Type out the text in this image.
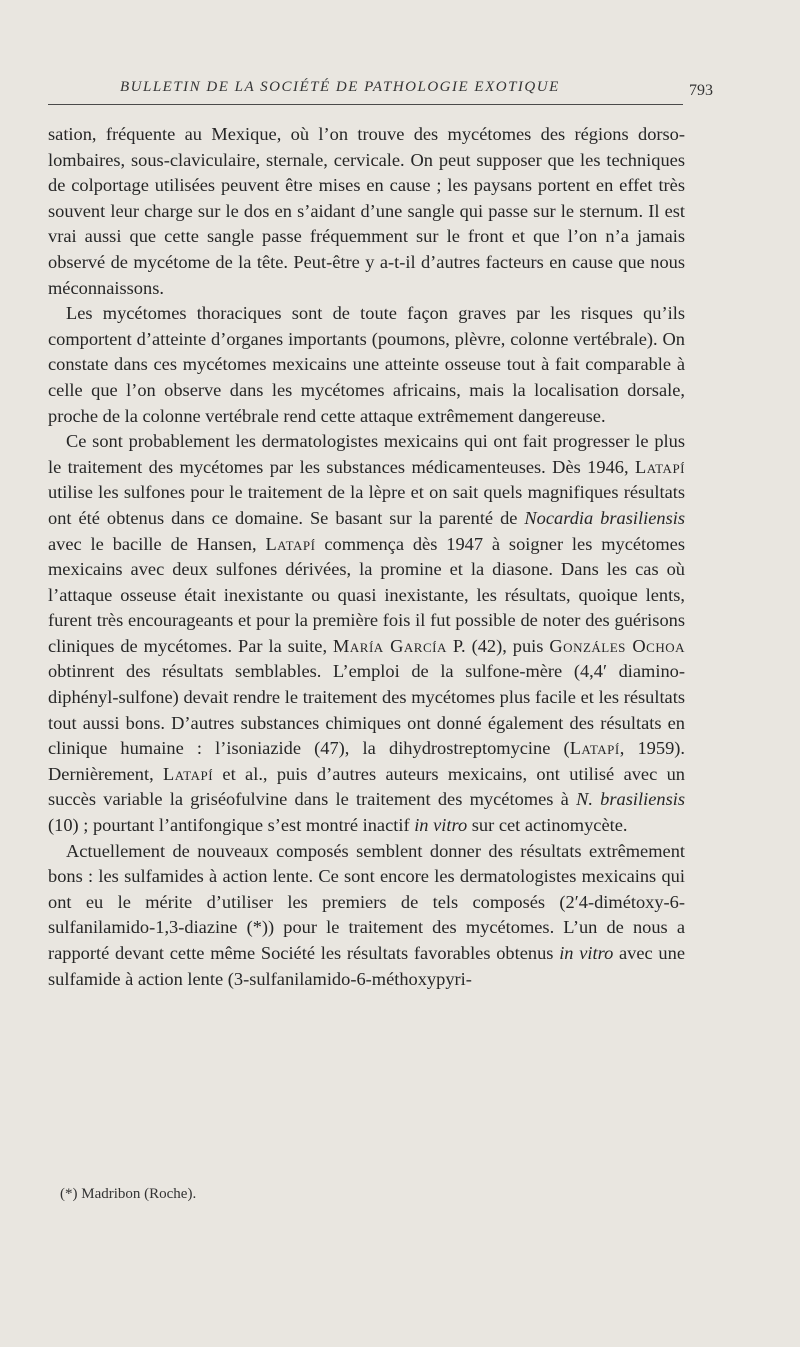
BULLETIN DE LA SOCIÉTÉ DE PATHOLOGIE EXOTIQUE	793

sation, fréquente au Mexique, où l’on trouve des mycétomes des régions dorso-lombaires, sous-claviculaire, sternale, cervicale. On peut supposer que les techniques de colportage utilisées peuvent être mises en cause ; les paysans portent en effet très souvent leur charge sur le dos en s’aidant d’une sangle qui passe sur le sternum. Il est vrai aussi que cette sangle passe fréquemment sur le front et que l’on n’a jamais observé de mycétome de la tête. Peut-être y a-t-il d’autres facteurs en cause que nous méconnaissons.

Les mycétomes thoraciques sont de toute façon graves par les risques qu’ils comportent d’atteinte d’organes importants (poumons, plèvre, colonne vertébrale). On constate dans ces mycétomes mexicains une atteinte osseuse tout à fait comparable à celle que l’on observe dans les mycétomes africains, mais la localisation dorsale, proche de la colonne vertébrale rend cette attaque extrêmement dangereuse.

Ce sont probablement les dermatologistes mexicains qui ont fait progresser le plus le traitement des mycétomes par les substances médicamenteuses. Dès 1946, Latapí utilise les sulfones pour le traitement de la lèpre et on sait quels magnifiques résultats ont été obtenus dans ce domaine. Se basant sur la parenté de Nocardia brasiliensis avec le bacille de Hansen, Latapí commença dès 1947 à soigner les mycétomes mexicains avec deux sulfones dérivées, la promine et la diasone. Dans les cas où l’attaque osseuse était inexistante ou quasi inexistante, les résultats, quoique lents, furent très encourageants et pour la première fois il fut possible de noter des guérisons cliniques de mycétomes. Par la suite, María García P. (42), puis Gonzáles Ochoa obtinrent des résultats semblables. L’emploi de la sulfone-mère (4,4′ diamino-diphényl-sulfone) devait rendre le traitement des mycétomes plus facile et les résultats tout aussi bons. D’autres substances chimiques ont donné également des résultats en clinique humaine : l’isoniazide (47), la dihydrostreptomycine (Latapí, 1959). Dernièrement, Latapí et al., puis d’autres auteurs mexicains, ont utilisé avec un succès variable la griséofulvine dans le traitement des mycétomes à N. brasiliensis (10) ; pourtant l’antifongique s’est montré inactif in vitro sur cet actinomycète.

Actuellement de nouveaux composés semblent donner des résultats extrêmement bons : les sulfamides à action lente. Ce sont encore les dermatologistes mexicains qui ont eu le mérite d’utiliser les premiers de tels composés (2′4-dimétoxy-6-sulfanilamido-1,3-diazine (*)) pour le traitement des mycétomes. L’un de nous a rapporté devant cette même Société les résultats favorables obtenus in vitro avec une sulfamide à action lente (3-sulfanilamido-6-méthoxypyri-

(*) Madribon (Roche).
